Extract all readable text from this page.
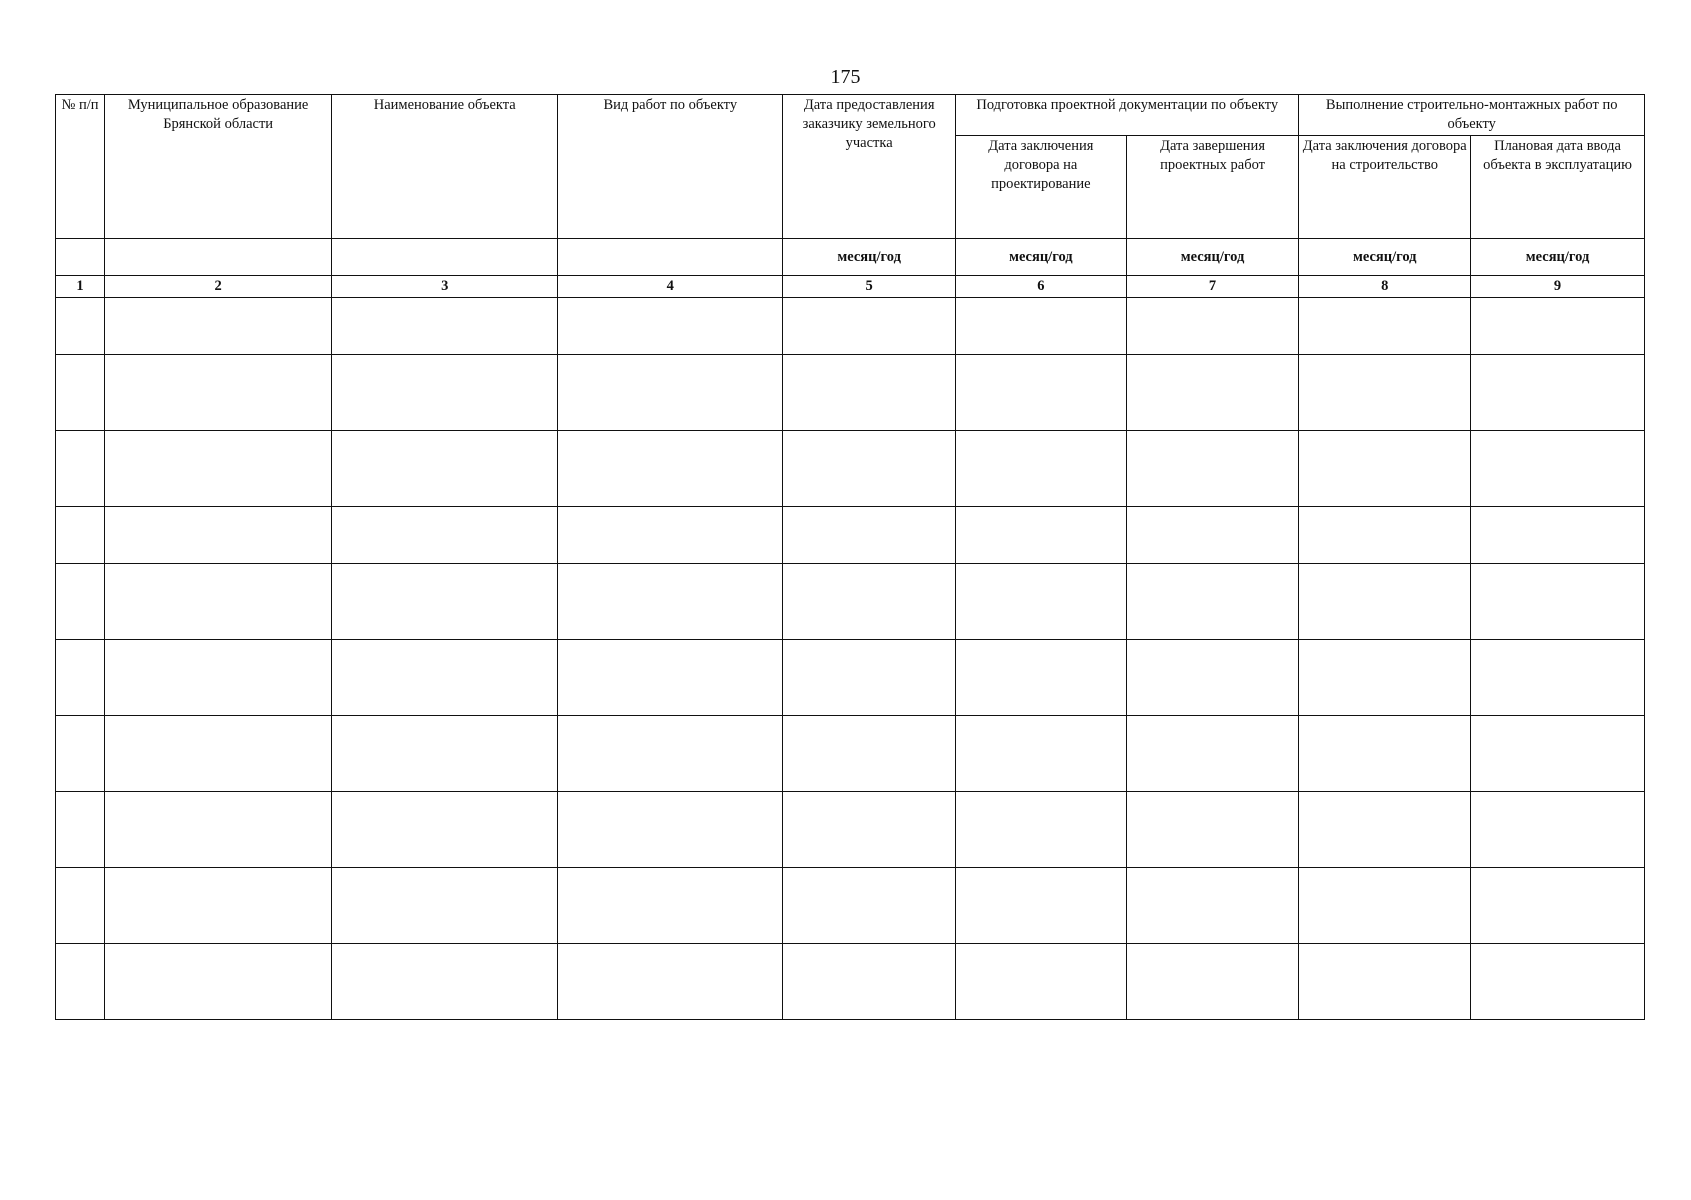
175
№ п/п	Муниципальное образование Брянской области	Наименование объекта	Вид работ по объекту	Дата предоставления заказчику земельного участка	Подготовка проектной документации по объекту		Выполнение строительно-монтажных работ по объекту	
					Дата заключения договора на проектирование	Дата завершения проектных работ	Дата заключения договора на строительство	Плановая дата ввода объекта в эксплуатацию
				месяц/год	месяц/год	месяц/год	месяц/год	месяц/год
1	2	3	4	5	6	7	8	9
